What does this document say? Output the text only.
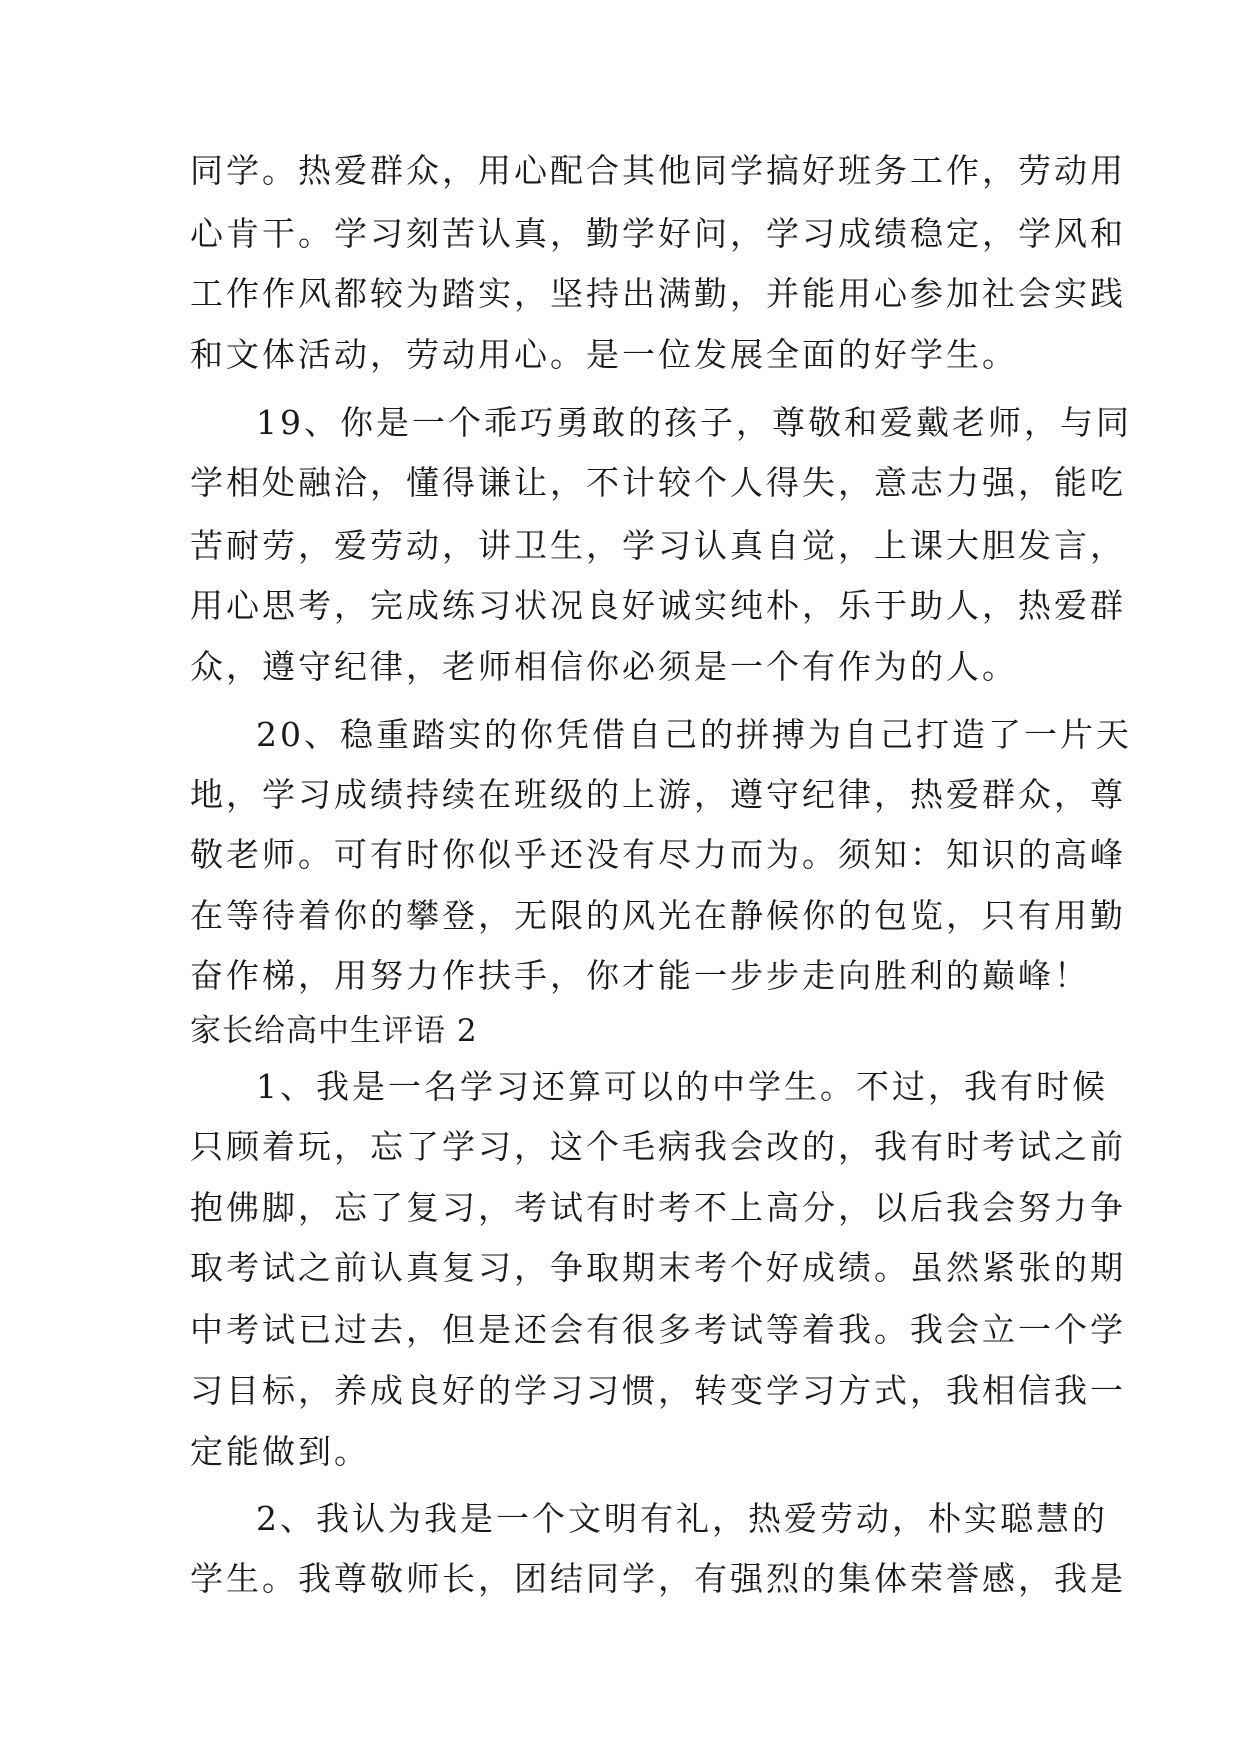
同学。热爱群众，用心配合其他同学搞好班务工作，劳动用
心肯干。学习刻苦认真，勤学好问，学习成绩稳定，学风和
工作作风都较为踏实，坚持出满勤，并能用心参加社会实践
和文体活动，劳动用心。是一位发展全面的好学生。
19、你是一个乖巧勇敢的孩子，尊敬和爱戴老师，与同
学相处融洽，懂得谦让，不计较个人得失，意志力强，能吃
苦耐劳，爱劳动，讲卫生，学习认真自觉，上课大胆发言，
用心思考，完成练习状况良好诚实纯朴，乐于助人，热爱群
众，遵守纪律，老师相信你必须是一个有作为的人。
20、稳重踏实的你凭借自己的拼搏为自己打造了一片天
地，学习成绩持续在班级的上游，遵守纪律，热爱群众，尊
敬老师。可有时你似乎还没有尽力而为。须知：知识的高峰
在等待着你的攀登，无限的风光在静候你的包览，只有用勤
奋作梯，用努力作扶手，你才能一步步走向胜利的巅峰！
家长给高中生评语 2
1、我是一名学习还算可以的中学生。不过，我有时候
只顾着玩，忘了学习，这个毛病我会改的，我有时考试之前
抱佛脚，忘了复习，考试有时考不上高分，以后我会努力争
取考试之前认真复习，争取期末考个好成绩。虽然紧张的期
中考试已过去，但是还会有很多考试等着我。我会立一个学
习目标，养成良好的学习习惯，转变学习方式，我相信我一
定能做到。
2、我认为我是一个文明有礼，热爱劳动，朴实聪慧的
学生。我尊敬师长，团结同学，有强烈的集体荣誉感，我是
